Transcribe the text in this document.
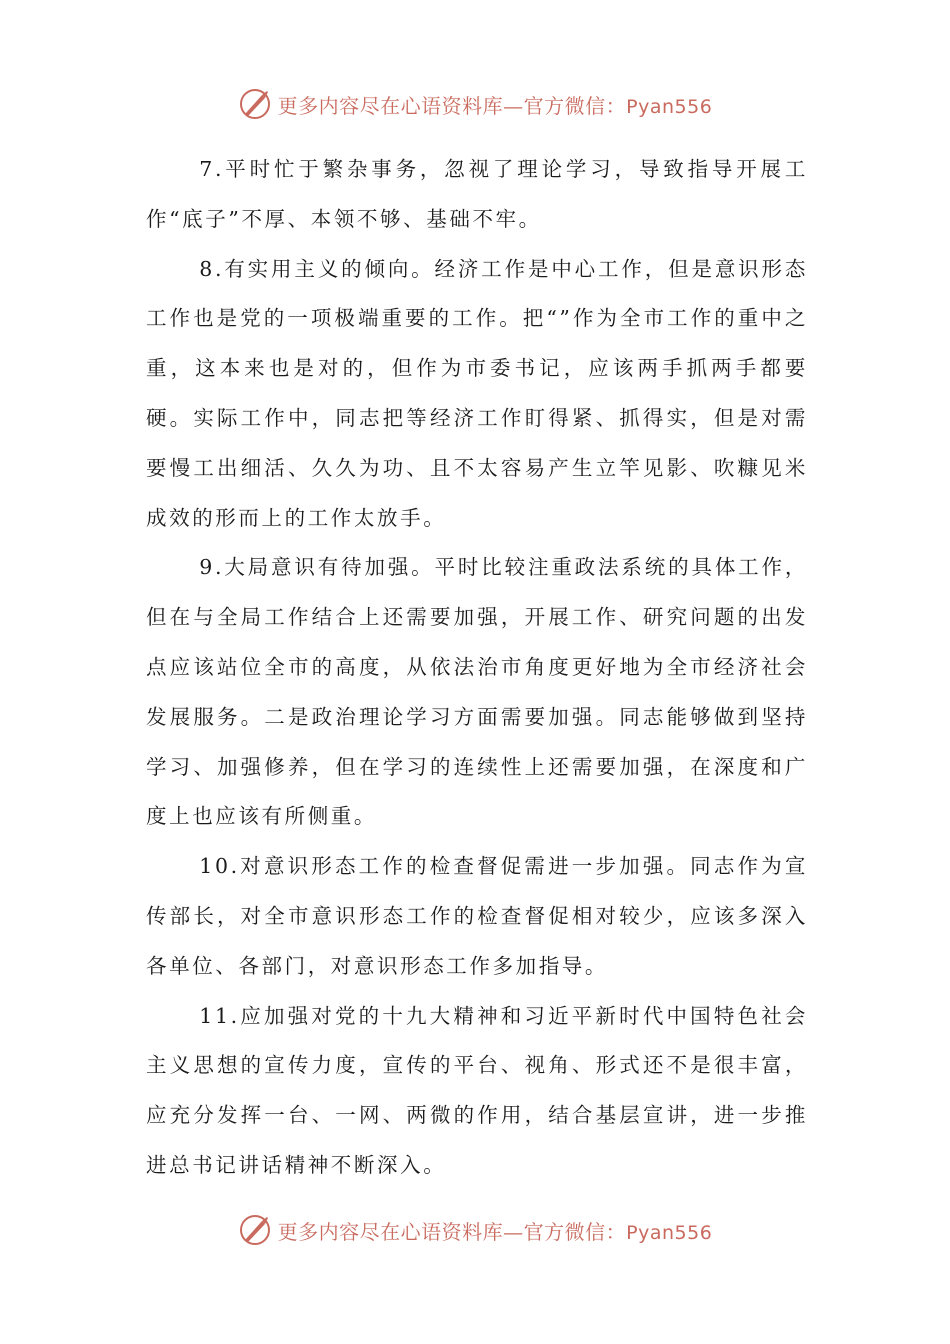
更多内容尽在心语资料库—官方微信：Pyan556

7.平时忙于繁杂事务，忽视了理论学习，导致指导开展工作“底子”不厚、本领不够、基础不牢。

8.有实用主义的倾向。经济工作是中心工作，但是意识形态工作也是党的一项极端重要的工作。把“”作为全市工作的重中之重，这本来也是对的，但作为市委书记，应该两手抓两手都要硬。实际工作中，同志把等经济工作盯得紧、抓得实，但是对需要慢工出细活、久久为功、且不太容易产生立竿见影、吹糠见米成效的形而上的工作太放手。

9.大局意识有待加强。平时比较注重政法系统的具体工作，但在与全局工作结合上还需要加强，开展工作、研究问题的出发点应该站位全市的高度，从依法治市角度更好地为全市经济社会发展服务。二是政治理论学习方面需要加强。同志能够做到坚持学习、加强修养，但在学习的连续性上还需要加强，在深度和广度上也应该有所侧重。

10.对意识形态工作的检查督促需进一步加强。同志作为宣传部长，对全市意识形态工作的检查督促相对较少，应该多深入各单位、各部门，对意识形态工作多加指导。

11.应加强对党的十九大精神和习近平新时代中国特色社会主义思想的宣传力度，宣传的平台、视角、形式还不是很丰富，应充分发挥一台、一网、两微的作用，结合基层宣讲，进一步推进总书记讲话精神不断深入。

更多内容尽在心语资料库—官方微信：Pyan556
